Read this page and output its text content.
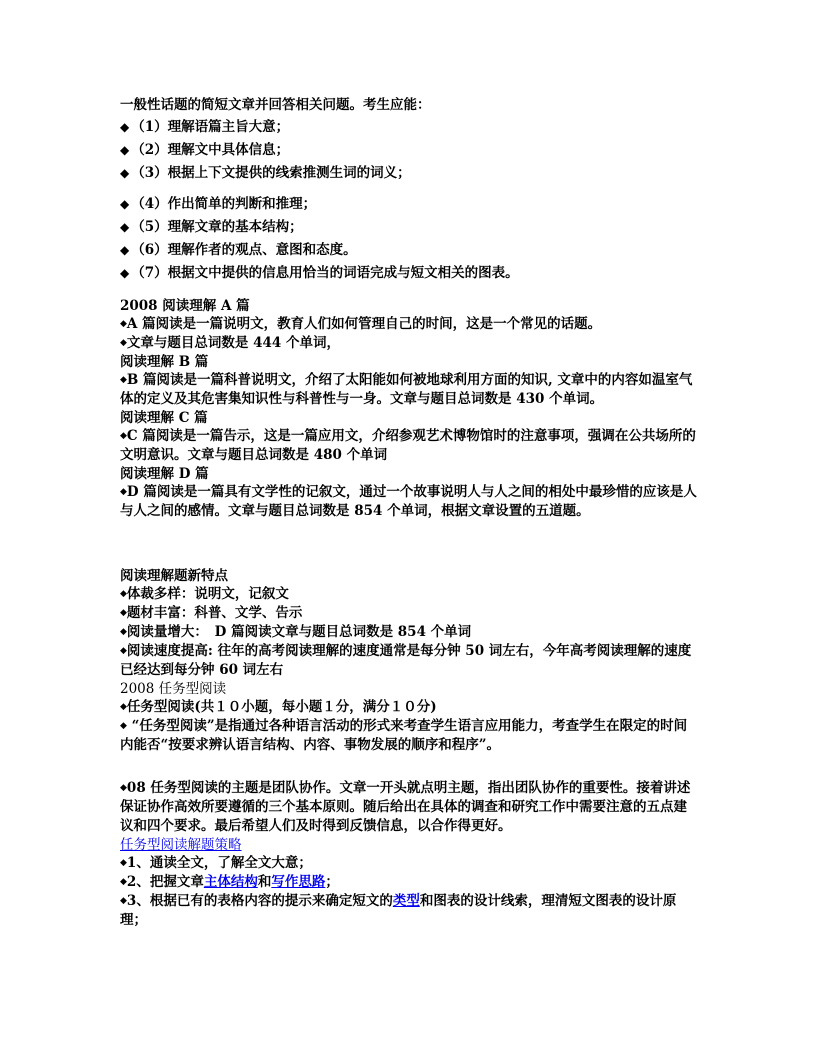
一般性话题的简短文章并回答相关问题。考生应能：
◆ （1）理解语篇主旨大意；
◆ （2）理解文中具体信息；
◆ （3）根据上下文提供的线索推测生词的词义；
◆ （4）作出简单的判断和推理；
◆ （5）理解文章的基本结构；
◆ （6）理解作者的观点、意图和态度。
◆ （7）根据文中提供的信息用恰当的词语完成与短文相关的图表。
2008 阅读理解 A 篇
◆A 篇阅读是一篇说明文，教育人们如何管理自己的时间，这是一个常见的话题。
◆文章与题目总词数是 444 个单词，
阅读理解 B 篇
◆B 篇阅读是一篇科普说明文，介绍了太阳能如何被地球利用方面的知识, 文章中的内容如温室气体的定义及其危害集知识性与科普性与一身。文章与题目总词数是 430 个单词。
阅读理解 C 篇
◆C 篇阅读是一篇告示，这是一篇应用文，介绍参观艺术博物馆时的注意事项，强调在公共场所的文明意识。文章与题目总词数是 480 个单词
阅读理解 D 篇
◆D 篇阅读是一篇具有文学性的记叙文，通过一个故事说明人与人之间的相处中最珍惜的应该是人与人之间的感情。文章与题目总词数是 854 个单词，根据文章设置的五道题。
阅读理解题新特点
◆体裁多样：说明文，记叙文
◆题材丰富：科普、文学、告示
◆阅读量增大：　D 篇阅读文章与题目总词数是 854 个单词
◆阅读速度提高: 往年的高考阅读理解的速度通常是每分钟 50 词左右，今年高考阅读理解的速度已经达到每分钟 60 词左右
2008 任务型阅读
◆任务型阅读(共１０小题，每小题１分，满分１０分)
◆ “任务型阅读”是指通过各种语言活动的形式来考查学生语言应用能力，考查学生在限定的时间内能否“按要求辨认语言结构、内容、事物发展的顺序和程序”。
◆08 任务型阅读的主题是团队协作。文章一开头就点明主题，指出团队协作的重要性。接着讲述保证协作高效所要遵循的三个基本原则。随后给出在具体的调查和研究工作中需要注意的五点建议和四个要求。最后希望人们及时得到反馈信息，以合作得更好。
任务型阅读解题策略
◆1、通读全文，了解全文大意；
◆2、把握文章主体结构和写作思路；
◆3、根据已有的表格内容的提示来确定短文的类型和图表的设计线索，理清短文图表的设计原理；
